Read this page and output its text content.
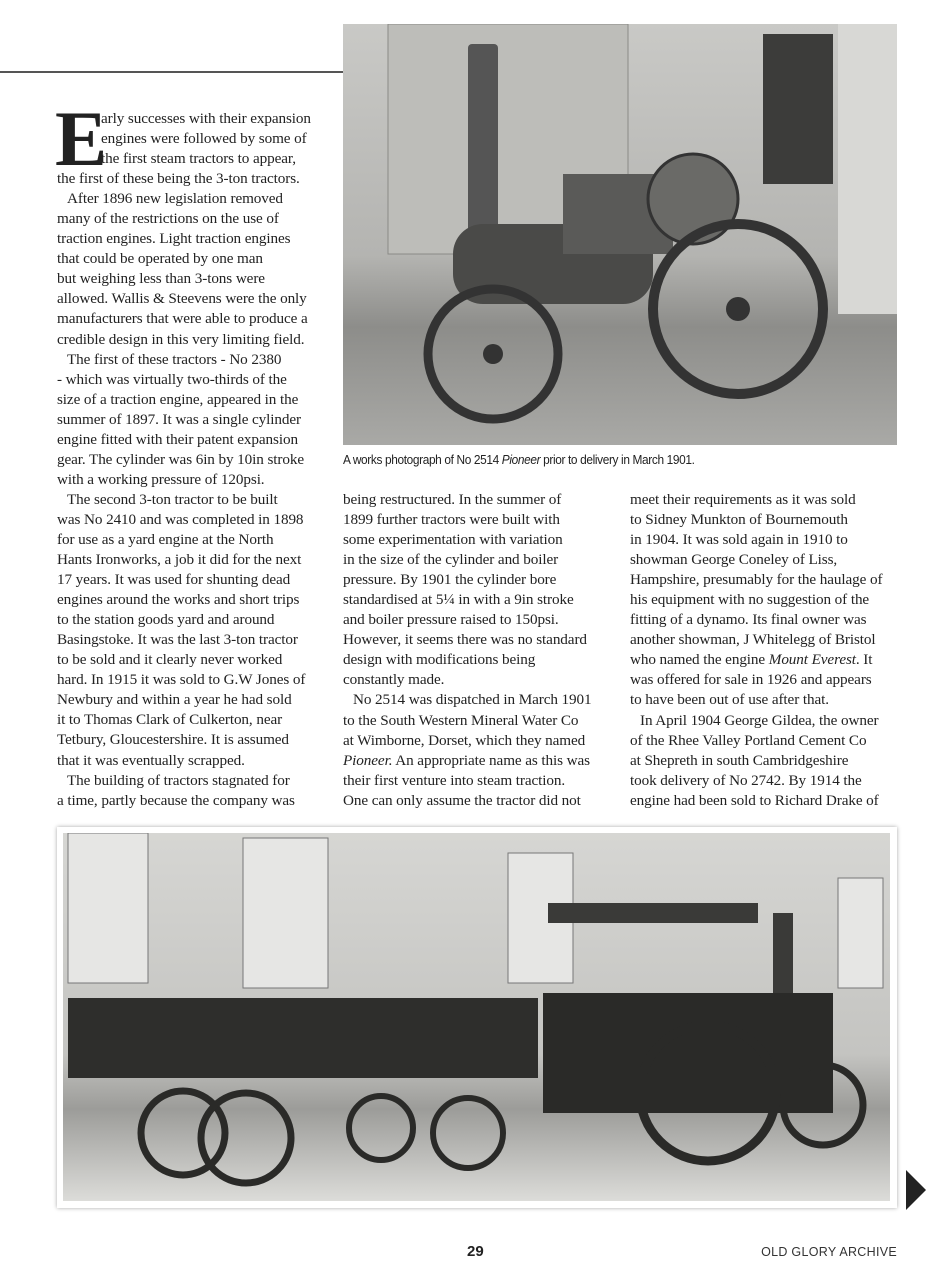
A works photograph of No 2514 Pioneer prior to delivery in March 1901.
E
arly successes with their expansion
engines were followed by some of
the first steam tractors to appear,
the first of these being the 3-ton tractors.
After 1896 new legislation removed
many of the restrictions on the use of
traction engines. Light traction engines
that could be operated by one man
but weighing less than 3-tons were
allowed. Wallis & Steevens were the only
manufacturers that were able to produce a
credible design in this very limiting field.
The first of these tractors - No 2380
- which was virtually two-thirds of the
size of a traction engine, appeared in the
summer of 1897. It was a single cylinder
engine fitted with their patent expansion
gear. The cylinder was 6in by 10in stroke
with a working pressure of 120psi.
The second 3-ton tractor to be built
was No 2410 and was completed in 1898
for use as a yard engine at the North
Hants Ironworks, a job it did for the next
17 years. It was used for shunting dead
engines around the works and short trips
to the station goods yard and around
Basingstoke. It was the last 3-ton tractor
to be sold and it clearly never worked
hard. In 1915 it was sold to G.W Jones of
Newbury and within a year he had sold
it to Thomas Clark of Culkerton, near
Tetbury, Gloucestershire. It is assumed
that it was eventually scrapped.
The building of tractors stagnated for
a time, partly because the company was
being restructured. In the summer of
1899 further tractors were built with
some experimentation with variation
in the size of the cylinder and boiler
pressure. By 1901 the cylinder bore
standardised at 5¼ in with a 9in stroke
and boiler pressure raised to 150psi.
However, it seems there was no standard
design with modifications being
constantly made.
No 2514 was dispatched in March 1901
to the South Western Mineral Water Co
at Wimborne, Dorset, which they named
Pioneer. An appropriate name as this was
their first venture into steam traction.
One can only assume the tractor did not
meet their requirements as it was sold
to Sidney Munkton of Bournemouth
in 1904. It was sold again in 1910 to
showman George Coneley of Liss,
Hampshire, presumably for the haulage of
his equipment with no suggestion of the
fitting of a dynamo. Its final owner was
another showman, J Whitelegg of Bristol
who named the engine Mount Everest. It
was offered for sale in 1926 and appears
to have been out of use after that.
In April 1904 George Gildea, the owner
of the Rhee Valley Portland Cement Co
at Shepreth in south Cambridgeshire
took delivery of No 2742. By 1914 the
engine had been sold to Richard Drake of
29	OLD GLORY ARCHIVE
